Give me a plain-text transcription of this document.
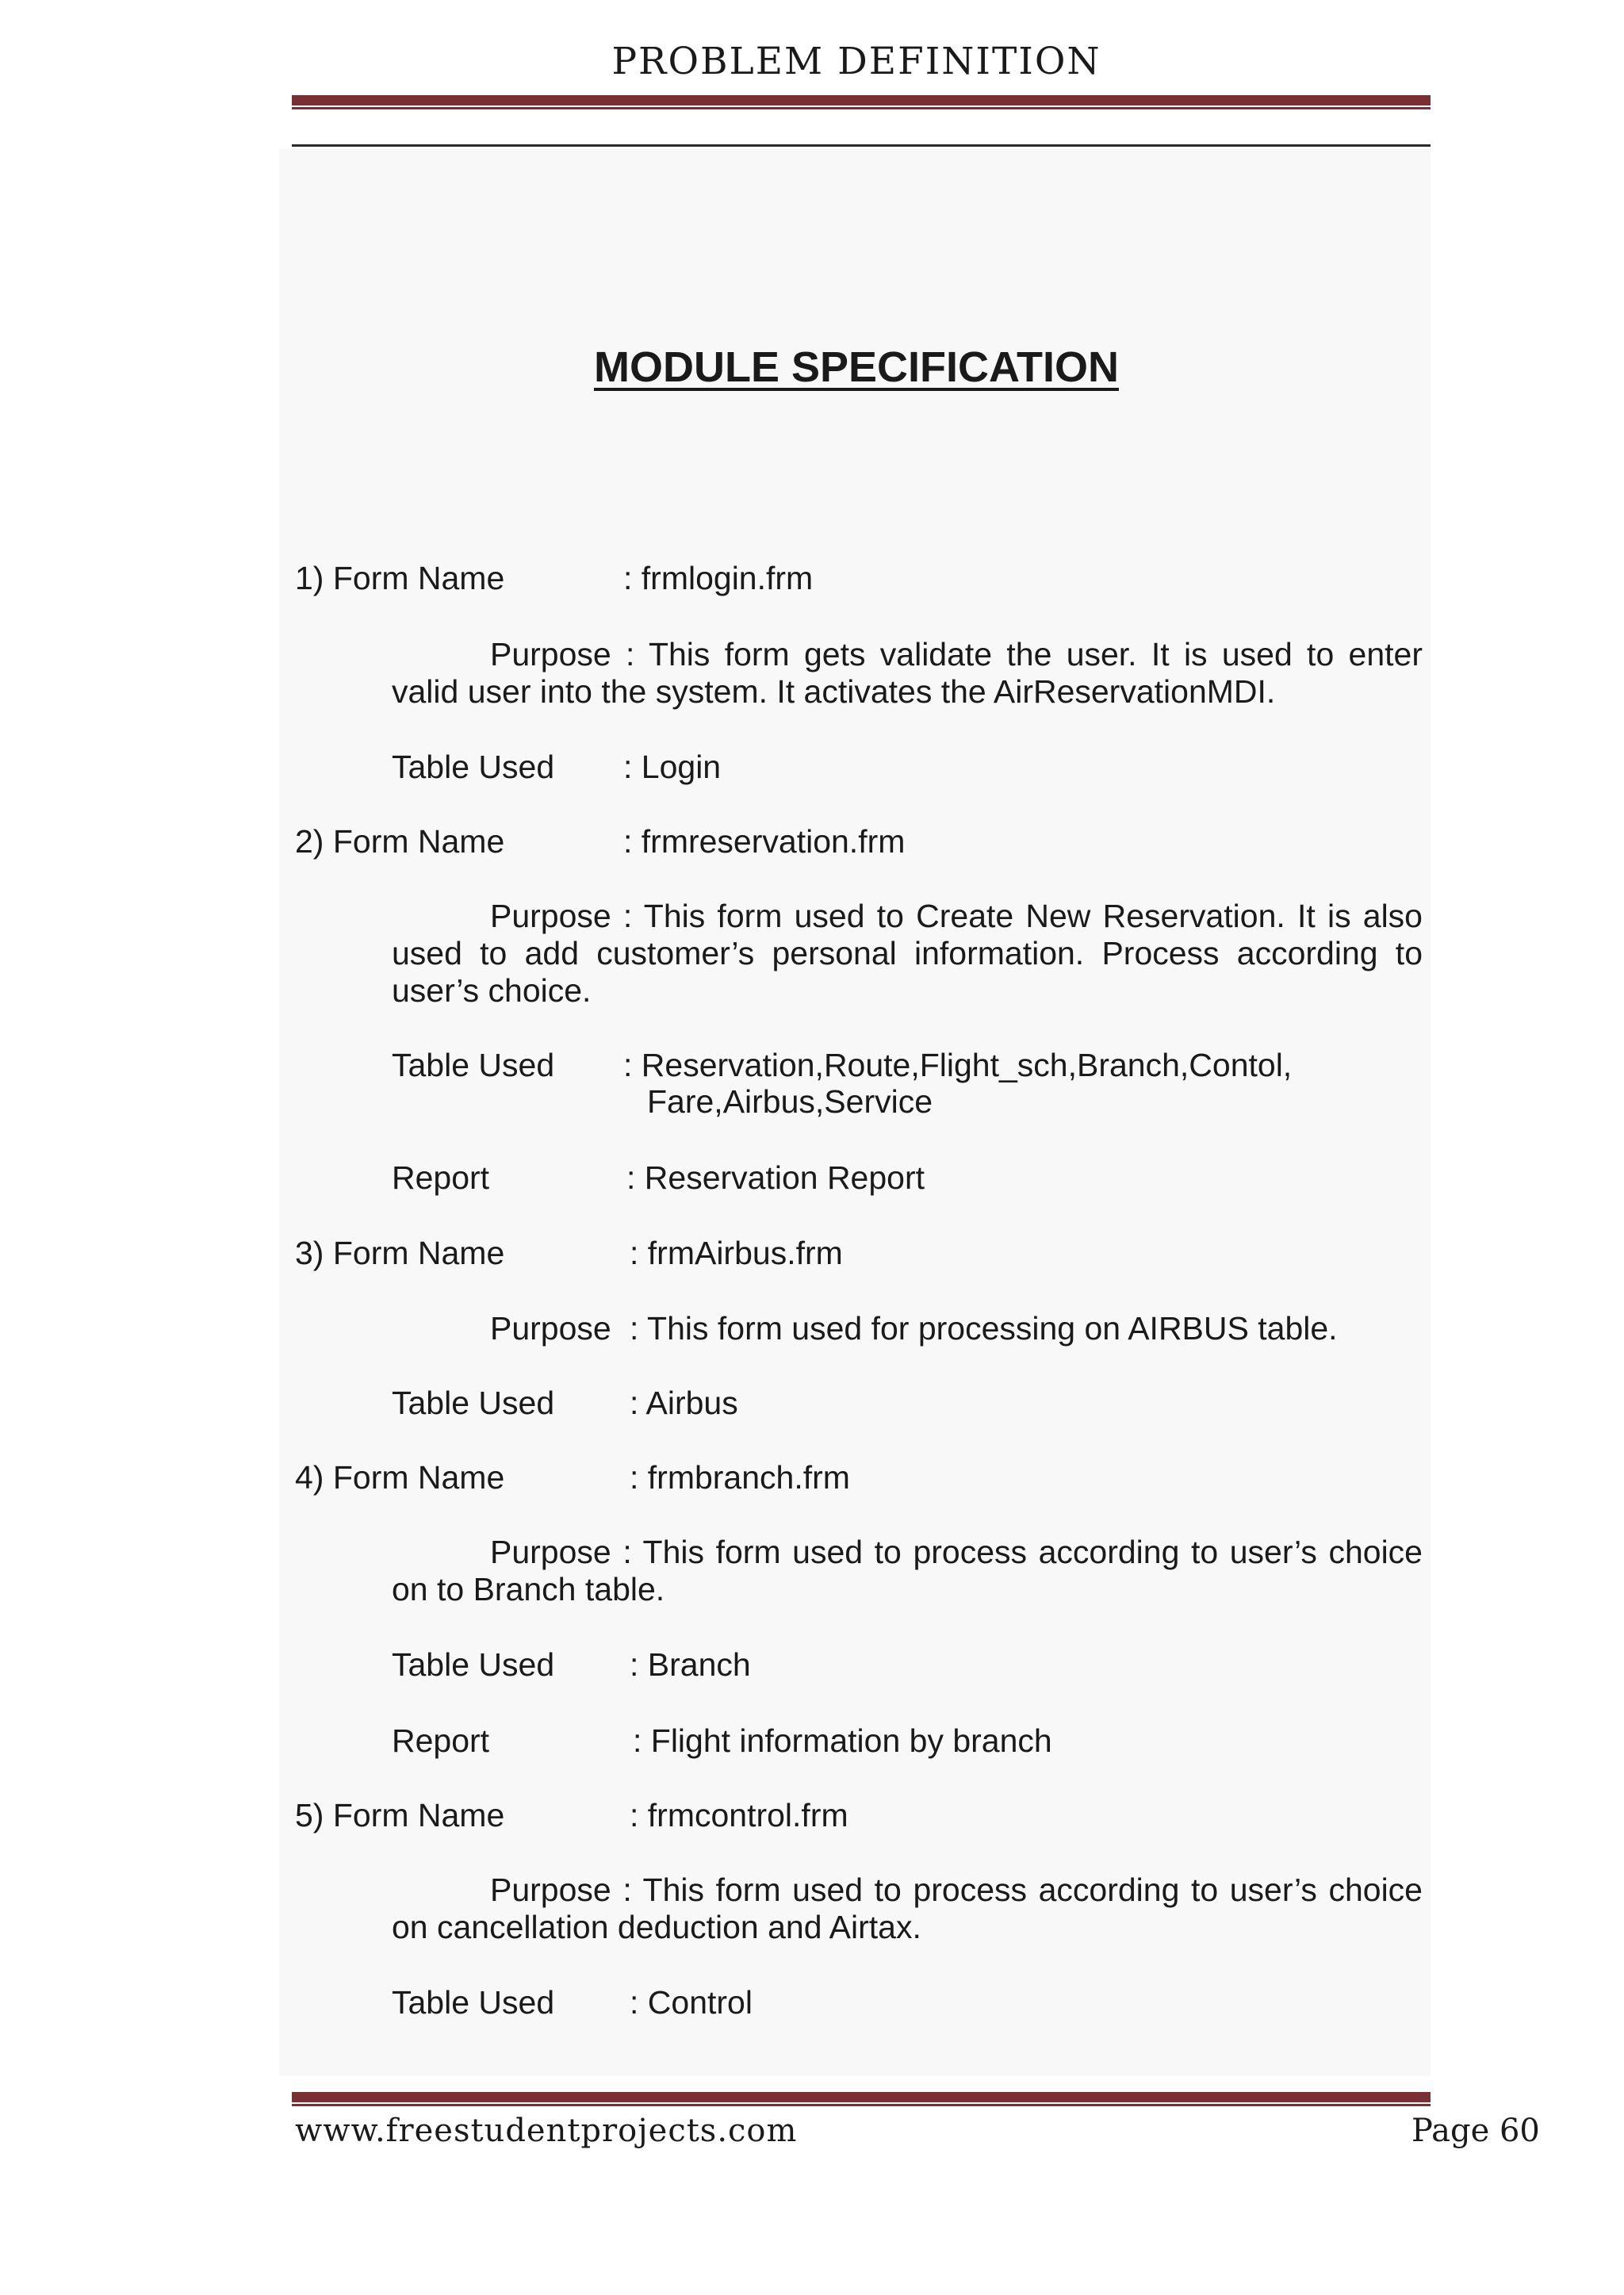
PROBLEM DEFINITION
MODULE SPECIFICATION
1) Form Name	: frmlogin.frm
Purpose : This form gets validate the user. It is used to enter valid user into the system. It activates the AirReservationMDI.
Table Used : Login
2) Form Name	: frmreservation.frm
Purpose : This form used to Create New Reservation. It is also used to add customer’s personal information. Process according to user’s choice.
Table Used : Reservation,Route,Flight_sch,Branch,Contol,
Fare,Airbus,Service
Report	: Reservation Report
3) Form Name	: frmAirbus.frm
Purpose : This form used for processing on AIRBUS table.
Table Used : Airbus
4) Form Name	: frmbranch.frm
Purpose : This form used to process according to user’s choice on to Branch table.
Table Used : Branch
Report	: Flight information by branch
5) Form Name	: frmcontrol.frm
Purpose : This form used to process according to user’s choice on cancellation deduction and Airtax.
Table Used : Control
www.freestudentprojects.com	Page 60
